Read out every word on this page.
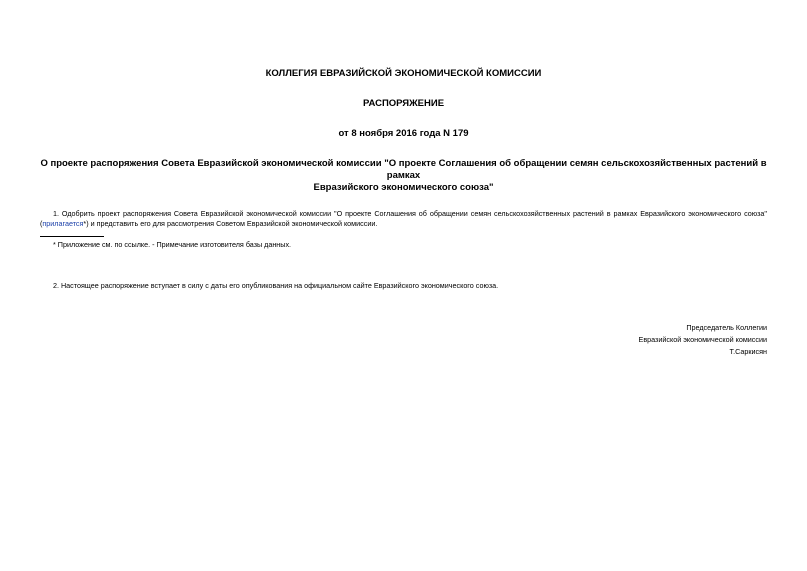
КОЛЛЕГИЯ ЕВРАЗИЙСКОЙ ЭКОНОМИЧЕСКОЙ КОМИССИИ
РАСПОРЯЖЕНИЕ
от 8 ноября 2016 года N 179
О проекте распоряжения Совета Евразийской экономической комиссии "О проекте Соглашения об обращении семян сельскохозяйственных растений в рамках
Евразийского экономического союза"
1. Одобрить проект распоряжения Совета Евразийской экономической комиссии "О проекте Соглашения об обращении семян сельскохозяйственных растений в рамках Евразийского экономического союза" (прилагается*) и представить его для рассмотрения Советом Евразийской экономической комиссии.
* Приложение см. по ссылке. - Примечание изготовителя базы данных.
2. Настоящее распоряжение вступает в силу с даты его опубликования на официальном сайте Евразийского экономического союза.
Председатель Коллегии
Евразийской экономической комиссии
Т.Саркисян
